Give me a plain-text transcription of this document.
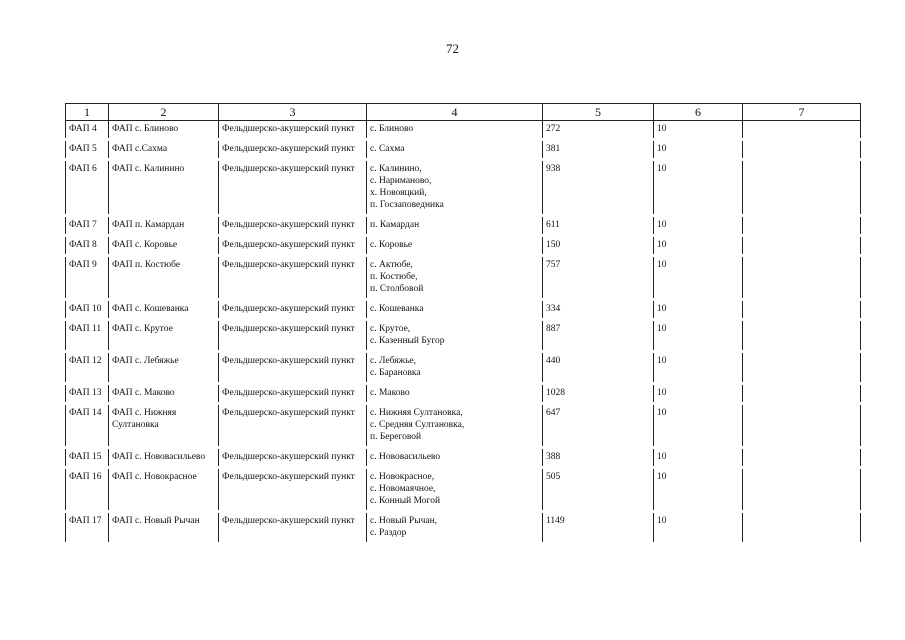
72
1	2	3	4	5	6	7
ФАП 4	ФАП с. Блиново	Фельдшерско-акушерский пункт	с. Блиново	272	10	
ФАП 5	ФАП с.Сахма	Фельдшерско-акушерский пункт	с. Сахма	381	10	
ФАП 6	ФАП с. Калинино	Фельдшерско-акушерский пункт	с. Калинино,
с. Нариманово,
х. Новояцкий,
п. Госзаповедника	938	10	
ФАП 7	ФАП п. Камардан	Фельдшерско-акушерский пункт	п. Камардан	611	10	
ФАП 8	ФАП с. Коровье	Фельдшерско-акушерский пункт	с. Коровье	150	10	
ФАП 9	ФАП п. Костюбе	Фельдшерско-акушерский пункт	с. Актюбе,
п. Костюбе,
п. Столбовой	757	10	
ФАП 10	ФАП с. Кошеванка	Фельдшерско-акушерский пункт	с. Кошеванка	334	10	
ФАП 11	ФАП с. Крутое	Фельдшерско-акушерский пункт	с. Крутое,
с. Казенный Бугор	887	10	
ФАП 12	ФАП с. Лебяжье	Фельдшерско-акушерский пункт	с. Лебяжье,
с. Барановка	440	10	
ФАП 13	ФАП с. Маково	Фельдшерско-акушерский пункт	с. Маково	1028	10	
ФАП 14	ФАП с. Нижняя Султановка	Фельдшерско-акушерский пункт	с. Нижняя Султановка,
с. Средняя Султановка,
п. Береговой	647	10	
ФАП 15	ФАП с. Нововасильево	Фельдшерско-акушерский пункт	с. Нововасильево	388	10	
ФАП 16	ФАП с. Новокрасное	Фельдшерско-акушерский пункт	с. Новокрасное,
с. Новомаячное,
с. Конный Могой	505	10	
ФАП 17	ФАП с. Новый Рычан	Фельдшерско-акушерский пункт	с. Новый Рычан,
с. Раздор	1149	10	
